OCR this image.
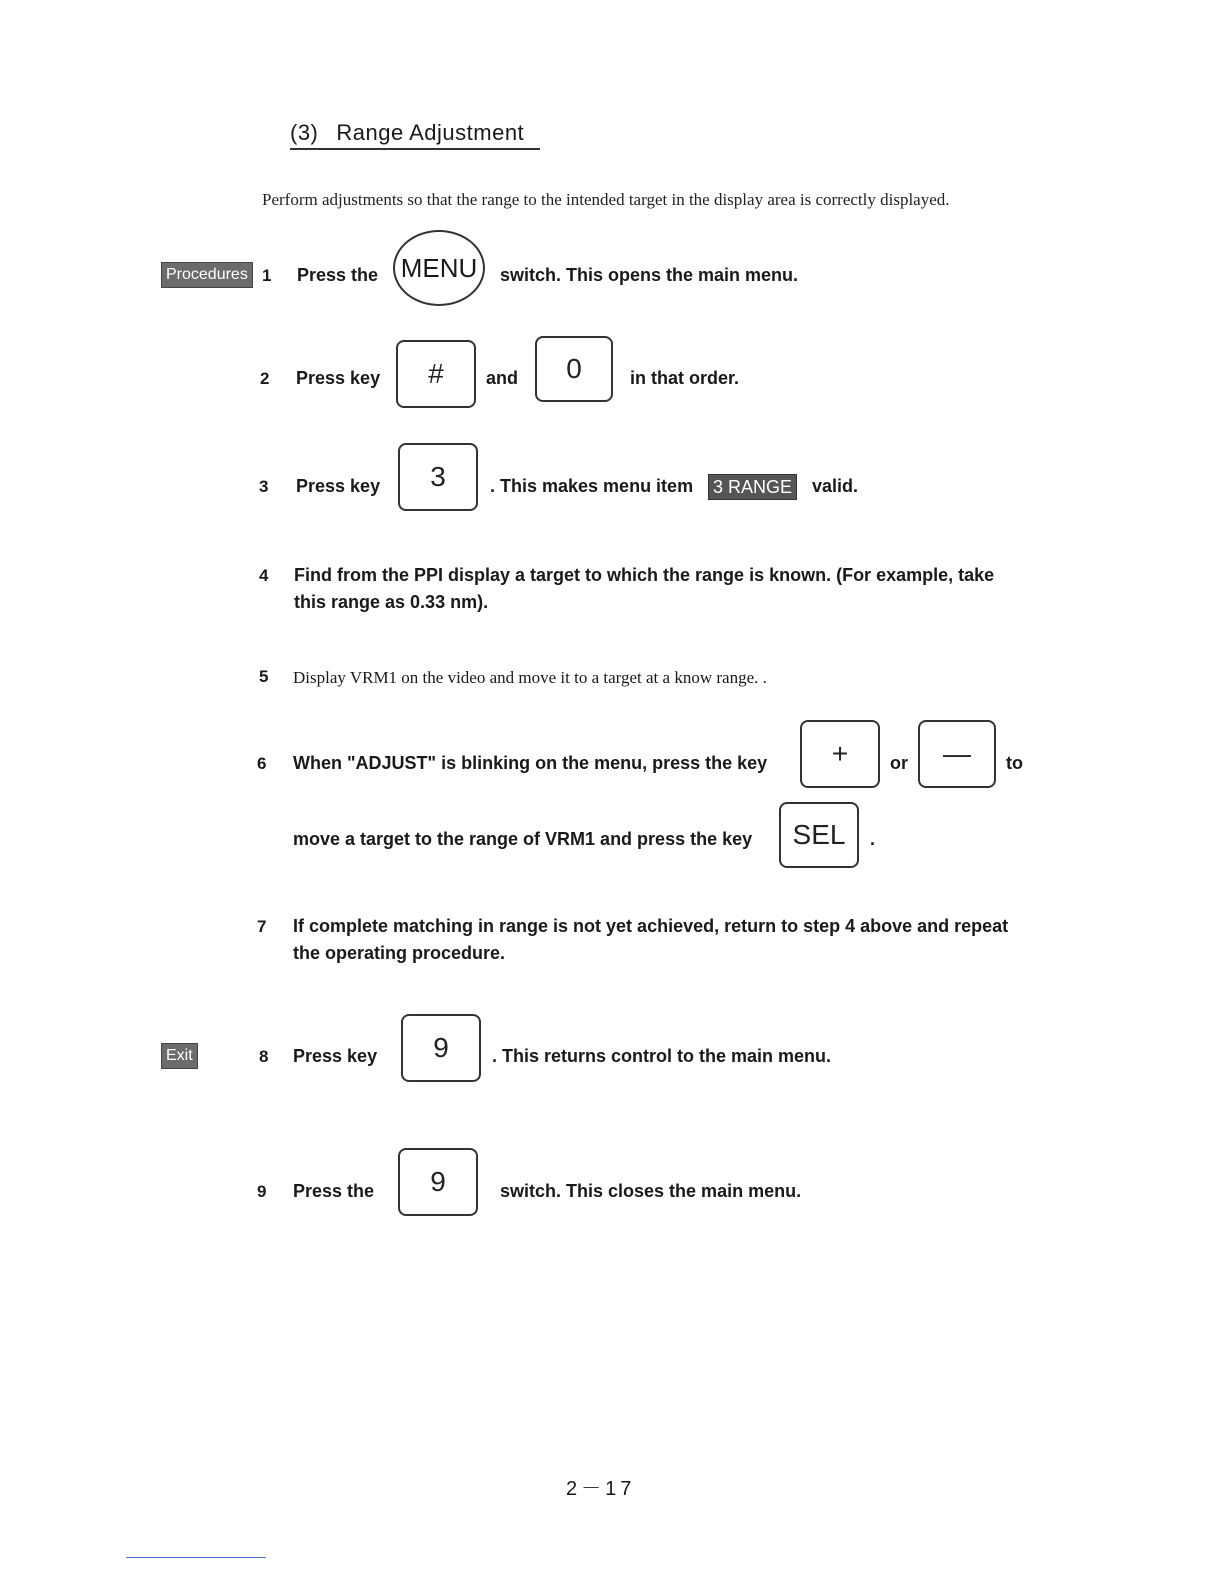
(3) Range Adjustment
Perform adjustments so that the range to the intended target in the display area is correctly displayed.
Procedures
Exit
1 Press the MENU switch. This opens the main menu.
2 Press key # and 0	in that order.
3 Press key 3 . This makes menu item 3 RANGE valid.
4 Find from the PPI display a target to which the range is known. (For example, take
this range as 0.33 nm).
5 Display VRM1 on the video and move it to a target at a know range. .
6 When "ADJUST" is blinking on the menu, press the key + or — to
move a target to the range of VRM1 and press the key SEL .
7 If complete matching in range is not yet achieved, return to step 4 above and repeat
the operating procedure.
8 Press key 9 . This returns control to the main menu.
9 Press the 9	switch. This closes the main menu.
2－17
